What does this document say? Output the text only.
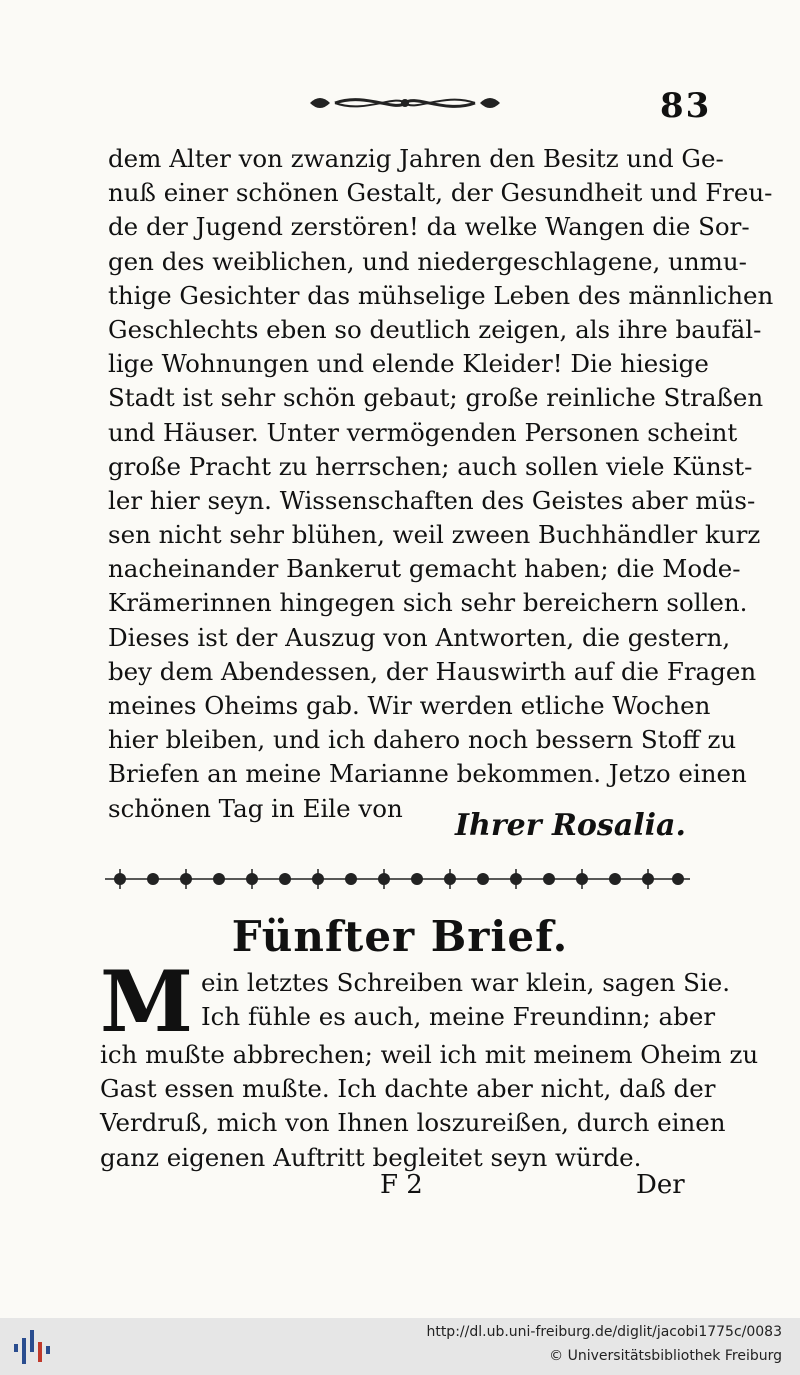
83
dem Alter von zwanzig Jahren den Besitz und Ge-
nuß einer schönen Gestalt, der Gesundheit und Freu-
de der Jugend zerstören! da welke Wangen die Sor-
gen des weiblichen, und niedergeschlagene, unmu-
thige Gesichter das mühselige Leben des männlichen
Geschlechts eben so deutlich zeigen, als ihre baufäl-
lige Wohnungen und elende Kleider! Die hiesige
Stadt ist sehr schön gebaut; große reinliche Straßen
und Häuser. Unter vermögenden Personen scheint
große Pracht zu herrschen; auch sollen viele Künst-
ler hier seyn. Wissenschaften des Geistes aber müs-
sen nicht sehr blühen, weil zween Buchhändler kurz
nacheinander Bankerut gemacht haben; die Mode-
Krämerinnen hingegen sich sehr bereichern sollen.
Dieses ist der Auszug von Antworten, die gestern,
bey dem Abendessen, der Hauswirth auf die Fragen
meines Oheims gab. Wir werden etliche Wochen
hier bleiben, und ich dahero noch bessern Stoff zu
Briefen an meine Marianne bekommen. Jetzo einen
schönen Tag in Eile von	Ihrer Rosalia.
Fünfter Brief.
M ein letztes Schreiben war klein, sagen Sie.
Ich fühle es auch, meine Freundinn; aber
ich mußte abbrechen; weil ich mit meinem Oheim zu
Gast essen mußte. Ich dachte aber nicht, daß der
Verdruß, mich von Ihnen loszureißen, durch einen
ganz eigenen Auftritt begleitet seyn würde.
F 2	Der
http://dl.ub.uni-freiburg.de/diglit/jacobi1775c/0083
© Universitätsbibliothek Freiburg
